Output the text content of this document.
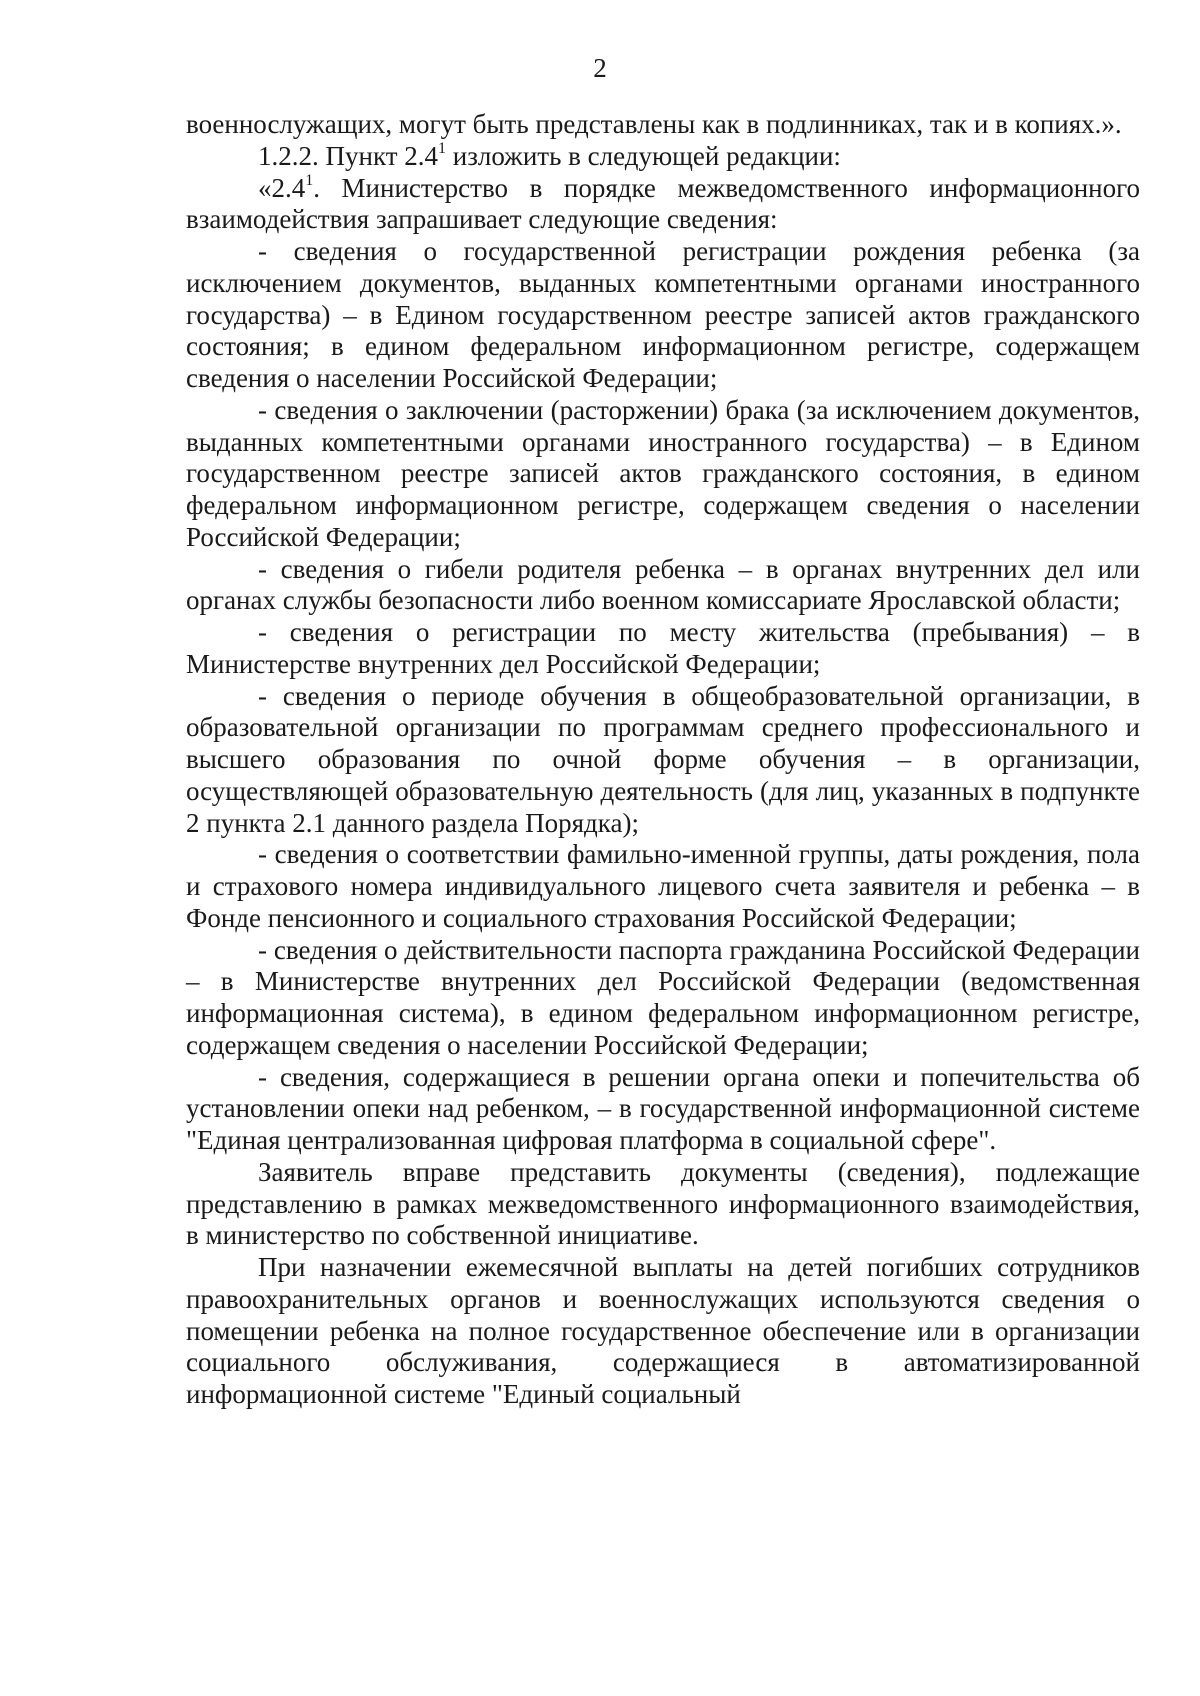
2

военнослужащих, могут быть представлены как в подлинниках, так и в копиях.».

1.2.2. Пункт $2.4^1$ изложить в следующей редакции:

«$2.4^1$. Министерство в порядке межведомственного информационного взаимодействия запрашивает следующие сведения:

- сведения о государственной регистрации рождения ребенка (за исключением документов, выданных компетентными органами иностранного государства) – в Едином государственном реестре записей актов гражданского состояния; в едином федеральном информационном регистре, содержащем сведения о населении Российской Федерации;

- сведения о заключении (расторжении) брака (за исключением документов, выданных компетентными органами иностранного государства) – в Едином государственном реестре записей актов гражданского состояния, в едином федеральном информационном регистре, содержащем сведения о населении Российской Федерации;

- сведения о гибели родителя ребенка – в органах внутренних дел или органах службы безопасности либо военном комиссариате Ярославской области;

- сведения о регистрации по месту жительства (пребывания) – в Министерстве внутренних дел Российской Федерации;

- сведения о периоде обучения в общеобразовательной организации, в образовательной организации по программам среднего профессионального и высшего образования по очной форме обучения – в организации, осуществляющей образовательную деятельность (для лиц, указанных в подпункте 2 пункта 2.1 данного раздела Порядка);

- сведения о соответствии фамильно-именной группы, даты рождения, пола и страхового номера индивидуального лицевого счета заявителя и ребенка – в Фонде пенсионного и социального страхования Российской Федерации;

- сведения о действительности паспорта гражданина Российской Федерации – в Министерстве внутренних дел Российской Федерации (ведомственная информационная система), в едином федеральном информационном регистре, содержащем сведения о населении Российской Федерации;

- сведения, содержащиеся в решении органа опеки и попечительства об установлении опеки над ребенком, – в государственной информационной системе "Единая централизованная цифровая платформа в социальной сфере".

Заявитель вправе представить документы (сведения), подлежащие представлению в рамках межведомственного информационного взаимодействия, в министерство по собственной инициативе.

При назначении ежемесячной выплаты на детей погибших сотрудников правоохранительных органов и военнослужащих используются сведения о помещении ребенка на полное государственное обеспечение или в организации социального обслуживания, содержащиеся в автоматизированной информационной системе "Единый социальный
